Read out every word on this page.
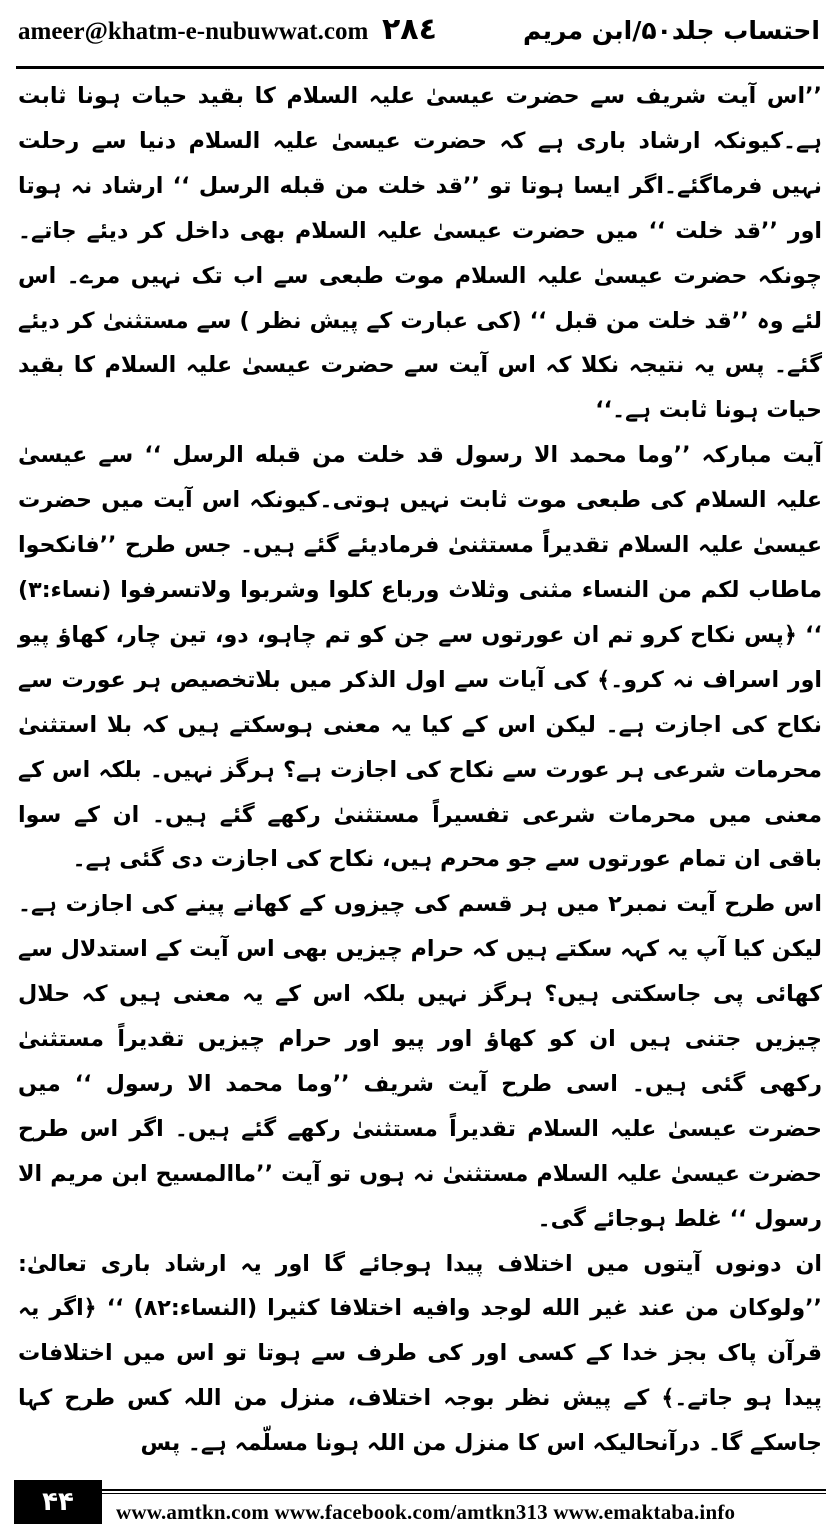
ameer@khatm-e-nubuwwat.com ٢٨٤	احتساب جلد۵۰/ابن مریم

’’اس آیت شریف سے حضرت عیسیٰ علیہ السلام کا بقید حیات ہونا ثابت ہے۔کیونکہ ارشاد باری ہے کہ حضرت عیسیٰ علیہ السلام دنیا سے رحلت نہیں فرماگئے۔اگر ایسا ہوتا تو ’’قد خلت من قبله الرسل ‘‘ ارشاد نہ ہوتا اور ’’قد خلت ‘‘ میں حضرت عیسیٰ علیہ السلام بھی داخل کر دیئے جاتے۔ چونکہ حضرت عیسیٰ علیہ السلام موت طبعی سے اب تک نہیں مرے۔ اس لئے وہ ’’قد خلت من قبل ‘‘ (کی عبارت کے پیش نظر ) سے مستثنیٰ کر دیئے گئے۔ پس یہ نتیجہ نکلا کہ اس آیت سے حضرت عیسیٰ علیہ السلام کا بقید حیات ہونا ثابت ہے۔‘‘

آیت مبارکہ ’’وما محمد الا رسول قد خلت من قبله الرسل ‘‘ سے عیسیٰ علیہ السلام کی طبعی موت ثابت نہیں ہوتی۔کیونکہ اس آیت میں حضرت عیسیٰ علیہ السلام تقدیراً مستثنیٰ فرمادیئے گئے ہیں۔ جس طرح ’’فانکحوا ماطاب لکم من النساء مثنی وثلاث ورباع کلوا وشربوا ولاتسرفوا (نساء:۳) ‘‘ ﴿پس نکاح کرو تم ان عورتوں سے جن کو تم چاہو، دو، تین چار، کھاؤ پیو اور اسراف نہ کرو۔﴾ کی آیات سے اول الذکر میں بلاتخصیص ہر عورت سے نکاح کی اجازت ہے۔ لیکن اس کے کیا یہ معنی ہوسکتے ہیں کہ بلا استثنیٰ محرمات شرعی ہر عورت سے نکاح کی اجازت ہے؟ ہرگز نہیں۔ بلکہ اس کے معنی میں محرمات شرعی تفسیراً مستثنیٰ رکھے گئے ہیں۔ ان کے سوا باقی ان تمام عورتوں سے جو محرم ہیں، نکاح کی اجازت دی گئی ہے۔

اس طرح آیت نمبر۲ میں ہر قسم کی چیزوں کے کھانے پینے کی اجازت ہے۔ لیکن کیا آپ یہ کہہ سکتے ہیں کہ حرام چیزیں بھی اس آیت کے استدلال سے کھائی پی جاسکتی ہیں؟ ہرگز نہیں بلکہ اس کے یہ معنی ہیں کہ حلال چیزیں جتنی ہیں ان کو کھاؤ اور پیو اور حرام چیزیں تقدیراً مستثنیٰ رکھی گئی ہیں۔ اسی طرح آیت شریف ’’وما محمد الا رسول ‘‘ میں حضرت عیسیٰ علیہ السلام تقدیراً مستثنیٰ رکھے گئے ہیں۔ اگر اس طرح حضرت عیسیٰ علیہ السلام مستثنیٰ نہ ہوں تو آیت ’’ماالمسیح ابن مریم الا رسول ‘‘ غلط ہوجائے گی۔

ان دونوں آیتوں میں اختلاف پیدا ہوجائے گا اور یہ ارشاد باری تعالیٰ: ’’ولوکان من عند غیر الله لوجد وافیه اختلافا کثیرا (النساء:۸۲) ‘‘ ﴿اگر یہ قرآن پاک بجز خدا کے کسی اور کی طرف سے ہوتا تو اس میں اختلافات پیدا ہو جاتے۔﴾ کے پیش نظر بوجہ اختلاف، منزل من اللہ کس طرح کہا جاسکے گا۔ درآنحالیکہ اس کا منزل من اللہ ہونا مسلّمہ ہے۔ پس

۴۴	www.amtkn.com www.facebook.com/amtkn313 www.emaktaba.info
